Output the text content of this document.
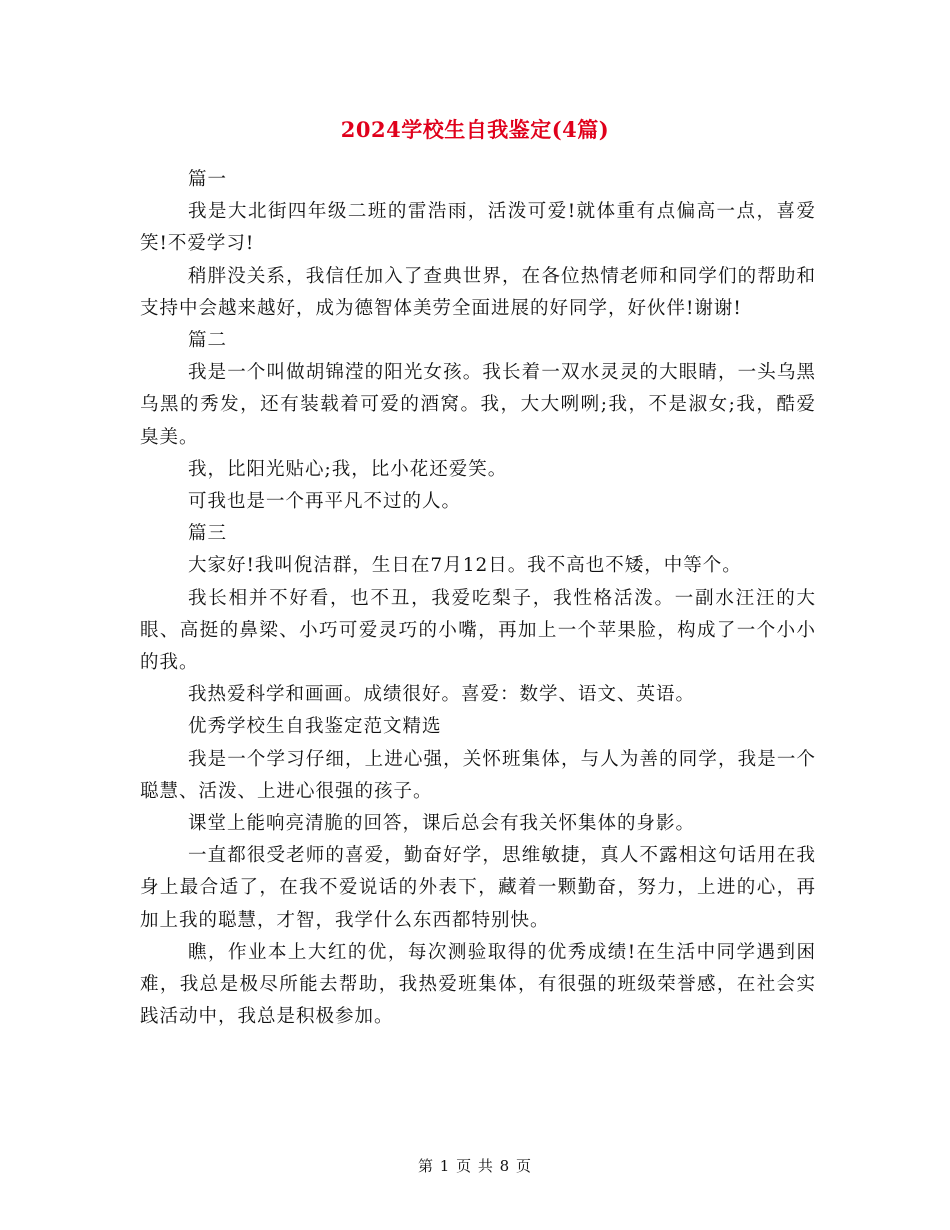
2024学校生自我鉴定(4篇)

篇一

我是大北街四年级二班的雷浩雨，活泼可爱!就体重有点偏高一点，喜爱笑!不爱学习!

稍胖没关系，我信任加入了查典世界，在各位热情老师和同学们的帮助和支持中会越来越好，成为德智体美劳全面进展的好同学，好伙伴!谢谢!

篇二

我是一个叫做胡锦滢的阳光女孩。我长着一双水灵灵的大眼睛，一头乌黑乌黑的秀发，还有装载着可爱的酒窝。我，大大咧咧;我，不是淑女;我，酷爱臭美。

我，比阳光贴心;我，比小花还爱笑。

可我也是一个再平凡不过的人。

篇三

大家好!我叫倪洁群，生日在7月12日。我不高也不矮，中等个。

我长相并不好看，也不丑，我爱吃梨子，我性格活泼。一副水汪汪的大眼、高挺的鼻梁、小巧可爱灵巧的小嘴，再加上一个苹果脸，构成了一个小小的我。

我热爱科学和画画。成绩很好。喜爱：数学、语文、英语。

优秀学校生自我鉴定范文精选

我是一个学习仔细，上进心强，关怀班集体，与人为善的同学，我是一个聪慧、活泼、上进心很强的孩子。

课堂上能响亮清脆的回答，课后总会有我关怀集体的身影。

一直都很受老师的喜爱，勤奋好学，思维敏捷，真人不露相这句话用在我身上最合适了，在我不爱说话的外表下，藏着一颗勤奋，努力，上进的心，再加上我的聪慧，才智，我学什么东西都特别快。

瞧，作业本上大红的优，每次测验取得的优秀成绩!在生活中同学遇到困难，我总是极尽所能去帮助，我热爱班集体，有很强的班级荣誉感，在社会实践活动中，我总是积极参加。

第 1 页 共 8 页
